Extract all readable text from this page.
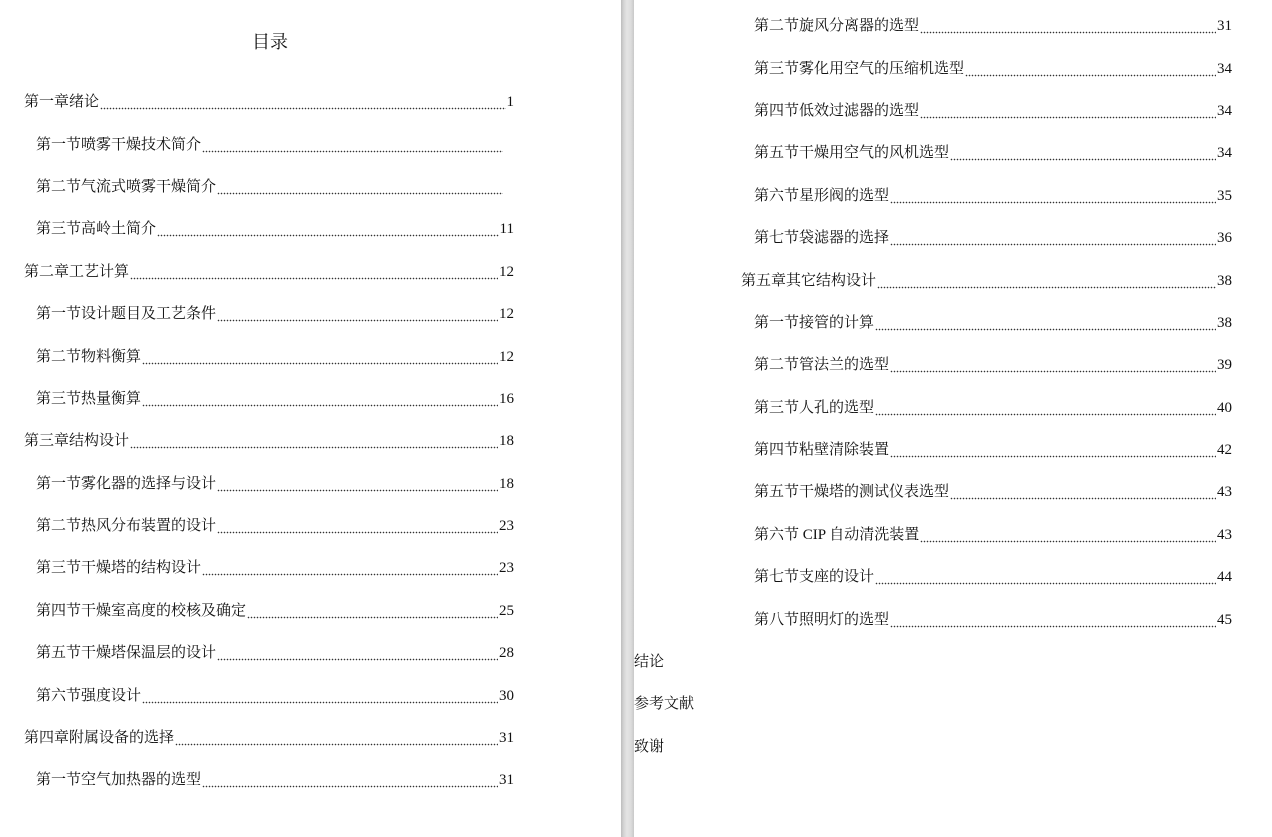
目录
第一章绪论	1
第一节喷雾干燥技术简介
第二节气流式喷雾干燥简介
第三节高岭土简介	11
第二章工艺计算	12
第一节设计题目及工艺条件	12
第二节物料衡算	12
第三节热量衡算	16
第三章结构设计	18
第一节雾化器的选择与设计	18
第二节热风分布装置的设计	23
第三节干燥塔的结构设计	23
第四节干燥室高度的校核及确定	25
第五节干燥塔保温层的设计	28
第六节强度设计	30
第四章附属设备的选择	31
第一节空气加热器的选型	31
第二节旋风分离器的选型	31
第三节雾化用空气的压缩机选型	34
第四节低效过滤器的选型	34
第五节干燥用空气的风机选型	34
第六节星形阀的选型	35
第七节袋滤器的选择	36
第五章其它结构设计	38
第一节接管的计算	38
第二节管法兰的选型	39
第三节人孔的选型	40
第四节粘壁清除装置	42
第五节干燥塔的测试仪表选型	43
第六节 CIP 自动清洗装置	43
第七节支座的设计	44
第八节照明灯的选型	45
结论
参考文献
致谢
